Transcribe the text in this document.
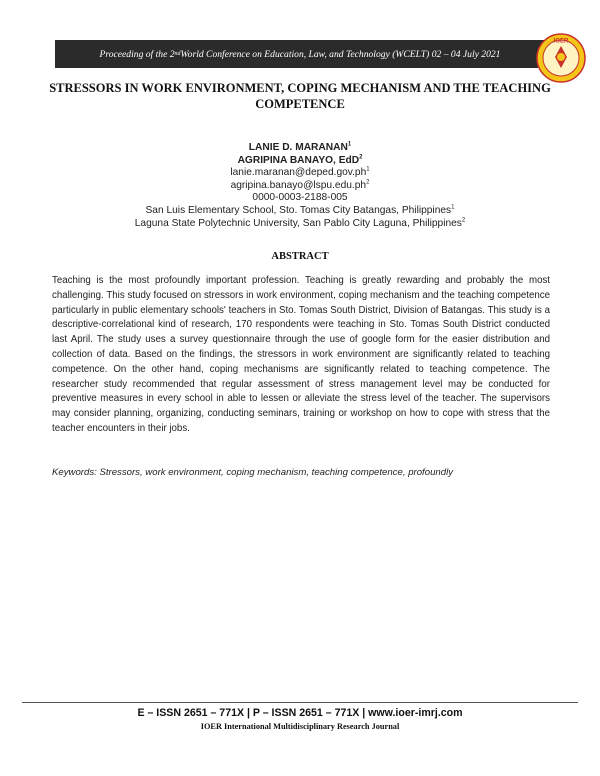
Proceeding of the 2 nd World Conference on Education, Law, and Technology (WCELT) 02 – 04 July 2021
IOER
STRESSORS IN WORK ENVIRONMENT, COPING MECHANISM AND THE TEACHING COMPETENCE
LANIE D. MARANAN$^1$
AGRIPINA BANAYO, EdD$^2$
$lanie.maranan@deped.gov.ph^1$
$agripina.banayo@lspu.edu.ph^2$
0000-0003-2188-005
San Luis Elementary School, Sto. Tomas City Batangas, Philippines$^1$
Laguna State Polytechnic University, San Pablo City Laguna, Philippines$^2$
ABSTRACT
Teaching is the most profoundly important profession. Teaching is greatly rewarding and probably the most challenging. This study focused on stressors in work environment, coping mechanism and the teaching competence particularly in public elementary schools' teachers in Sto. Tomas South District, Division of Batangas. This study is a descriptive-correlational kind of research, 170 respondents were teaching in Sto. Tomas South District conducted last April. The study uses a survey questionnaire through the use of google form for the easier distribution and collection of data. Based on the findings, the stressors in work environment are significantly related to teaching competence. On the other hand, coping mechanisms are significantly related to teaching competence. The researcher study recommended that regular assessment of stress management level may be conducted for preventive measures in every school in able to lessen or alleviate the stress level of the teacher. The supervisors may consider planning, organizing, conducting seminars, training or workshop on how to cope with stress that the teacher encounters in their jobs.
Keywords: Stressors, work environment, coping mechanism, teaching competence, profoundly
E – ISSN 2651 – 771X | P – ISSN 2651 – 771X | www.ioer-imrj.com
IOER International Multidisciplinary Research Journal
